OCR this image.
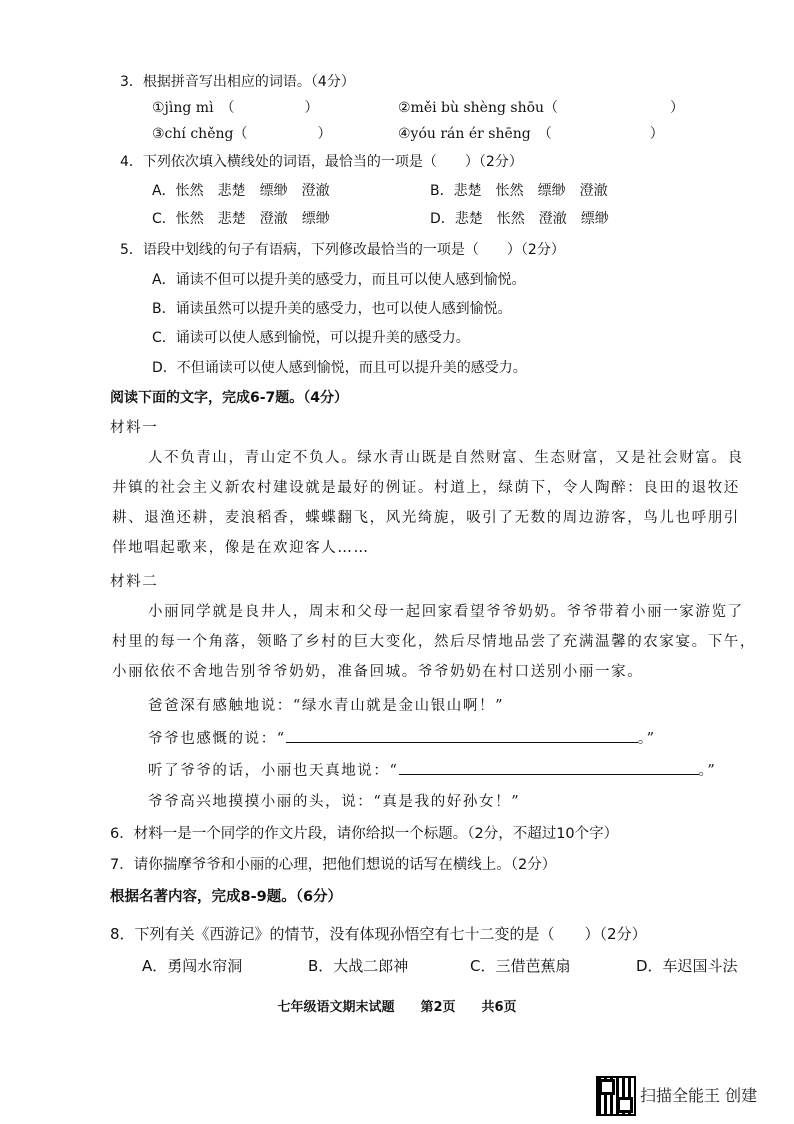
3．根据拼音写出相应的词语。（4分）
①jìng mì　（　　　　　）	②měi bù shèng shōu（　　　　　　　　）
③chí chěng（　　　　　）	④yóu rán ér shēng　（　　　　　　　）
4．下列依次填入横线处的词语，最恰当的一项是（　　）（2分）
A．怅然　悲楚　缥缈　澄澈	B．悲楚　怅然　缥缈　澄澈
C．怅然　悲楚　澄澈　缥缈	D．悲楚　怅然　澄澈　缥缈
5．语段中划线的句子有语病，下列修改最恰当的一项是（　　）（2分）
A．诵读不但可以提升美的感受力，而且可以使人感到愉悦。
B．诵读虽然可以提升美的感受力，也可以使人感到愉悦。
C．诵读可以使人感到愉悦，可以提升美的感受力。
D．不但诵读可以使人感到愉悦，而且可以提升美的感受力。
阅读下面的文字，完成6-7题。（4分）
材料一
人不负青山，青山定不负人。绿水青山既是自然财富、生态财富，又是社会财富。良
井镇的社会主义新农村建设就是最好的例证。村道上，绿荫下，令人陶醉：良田的退牧还
耕、退渔还耕，麦浪稻香，蝶蝶翻飞，风光绮旎，吸引了无数的周边游客，鸟儿也呼朋引
伴地唱起歌来，像是在欢迎客人……
材料二
小丽同学就是良井人，周末和父母一起回家看望爷爷奶奶。爷爷带着小丽一家游览了
村里的每一个角落，领略了乡村的巨大变化，然后尽情地品尝了充满温馨的农家宴。下午，
小丽依依不舍地告别爷爷奶奶，准备回城。爷爷奶奶在村口送别小丽一家。
爸爸深有感触地说：“绿水青山就是金山银山啊！”
爷爷也感慨的说：“	。”
听了爷爷的话，小丽也天真地说：“	。”
爷爷高兴地摸摸小丽的头，说：“真是我的好孙女！”
6．材料一是一个同学的作文片段，请你给拟一个标题。（2分，不超过10个字）
7．请你揣摩爷爷和小丽的心理，把他们想说的话写在横线上。（2分）
根据名著内容，完成8-9题。（6分）
8．下列有关《西游记》的情节，没有体现孙悟空有七十二变的是（　　）（2分）
A．勇闯水帘洞	B．大战二郎神	C．三借芭蕉扇	D．车迟国斗法
七年级语文期末试题　　第2页　　共6页
扫描全能王 创建
